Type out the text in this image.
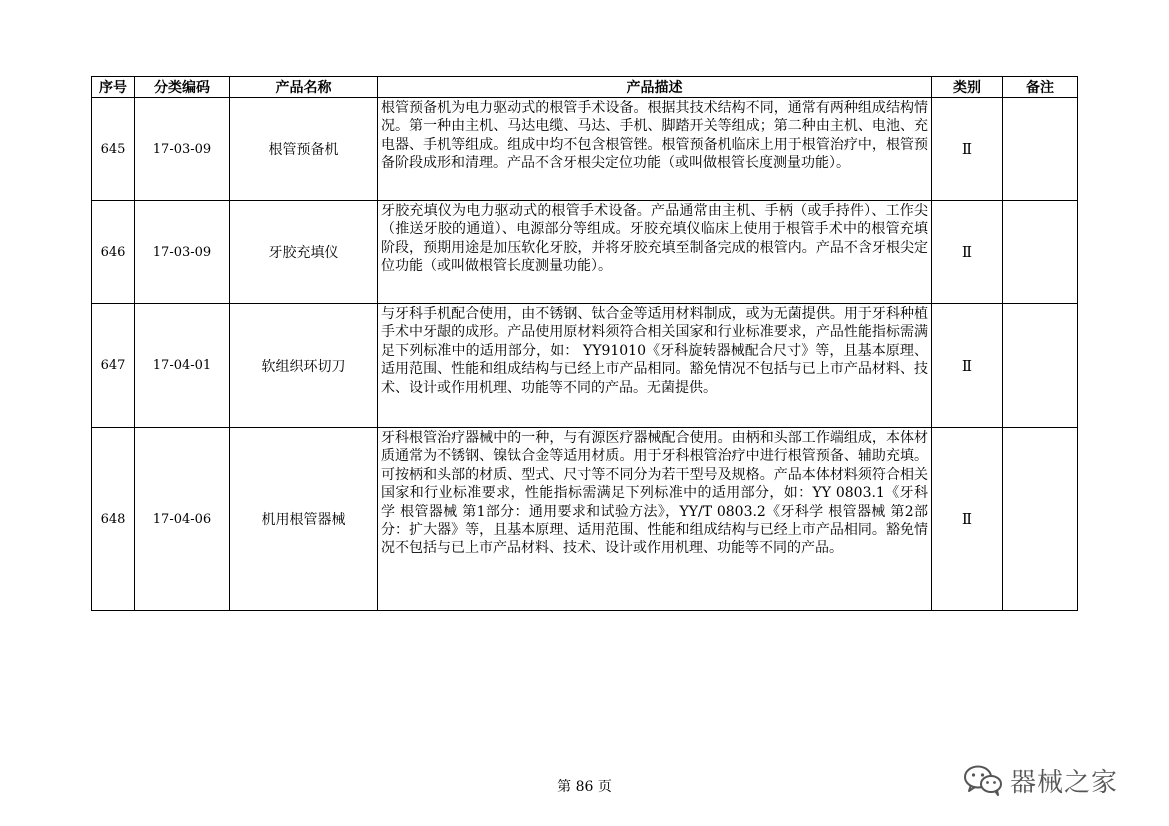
序号	分类编码	产品名称	产品描述	类别	备注
645	17-03-09	根管预备机	根管预备机为电力驱动式的根管手术设备。根据其技术结构不同，通常有两种组成结构情况。第一种由主机、马达电缆、马达、手机、脚踏开关等组成；第二种由主机、电池、充电器、手机等组成。组成中均不包含根管锉。根管预备机临床上用于根管治疗中，根管预备阶段成形和清理。产品不含牙根尖定位功能（或叫做根管长度测量功能）。	Ⅱ	
646	17-03-09	牙胶充填仪	牙胶充填仪为电力驱动式的根管手术设备。产品通常由主机、手柄（或手持件）、工作尖（推送牙胶的通道）、电源部分等组成。牙胶充填仪临床上使用于根管手术中的根管充填阶段，预期用途是加压软化牙胶，并将牙胶充填至制备完成的根管内。产品不含牙根尖定位功能（或叫做根管长度测量功能）。	Ⅱ	
647	17-04-01	软组织环切刀	与牙科手机配合使用，由不锈钢、钛合金等适用材料制成，或为无菌提供。用于牙科种植手术中牙龈的成形。产品使用原材料须符合相关国家和行业标准要求，产品性能指标需满足下列标准中的适用部分，如： YY91010《牙科旋转器械配合尺寸》等，且基本原理、适用范围、性能和组成结构与已经上市产品相同。豁免情况不包括与已上市产品材料、技术、设计或作用机理、功能等不同的产品。无菌提供。	Ⅱ	
648	17-04-06	机用根管器械	牙科根管治疗器械中的一种，与有源医疗器械配合使用。由柄和头部工作端组成，本体材质通常为不锈钢、镍钛合金等适用材质。用于牙科根管治疗中进行根管预备、辅助充填。可按柄和头部的材质、型式、尺寸等不同分为若干型号及规格。产品本体材料须符合相关国家和行业标准要求，性能指标需满足下列标准中的适用部分，如：YY 0803.1《牙科学 根管器械 第1部分：通用要求和试验方法》，YY/T 0803.2《牙科学 根管器械 第2部分：扩大器》等，且基本原理、适用范围、性能和组成结构与已经上市产品相同。豁免情况不包括与已上市产品材料、技术、设计或作用机理、功能等不同的产品。	Ⅱ	
第 86 页	器械之家
